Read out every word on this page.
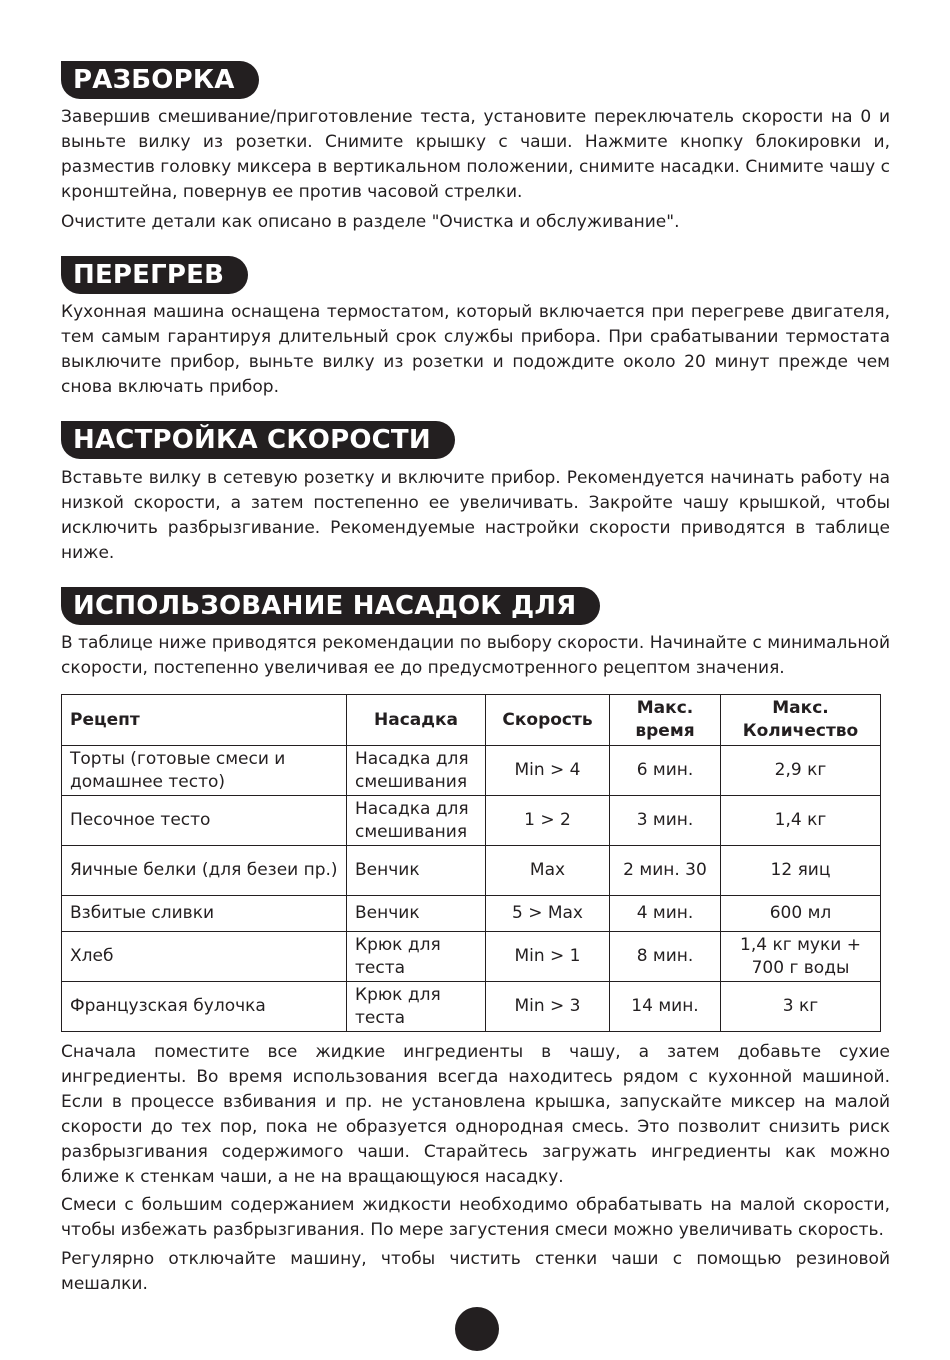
РАЗБОРКА

Завершив смешивание/приготовление теста, установите переключатель скорости на 0 и выньте вилку из розетки. Снимите крышку с чаши. Нажмите кнопку блокировки и, разместив головку миксера в вертикальном положении, снимите насадки. Снимите чашу с кронштейна, повернув ее против часовой стрелки.

Очистите детали как описано в разделе "Очистка и обслуживание".

ПЕРЕГРЕВ

Кухонная машина оснащена термостатом, который включается при перегреве двигателя, тем самым гарантируя длительный срок службы прибора. При срабатывании термостата выключите прибор, выньте вилку из розетки и подождите около 20 минут прежде чем снова включать прибор.

НАСТРОЙКА СКОРОСТИ

Вставьте вилку в сетевую розетку и включите прибор. Рекомендуется начинать работу на низкой скорости, а затем постепенно ее увеличивать. Закройте чашу крышкой, чтобы исключить разбрызгивание. Рекомендуемые настройки скорости приводятся в таблице ниже.

ИСПОЛЬЗОВАНИЕ НАСАДОК ДЛЯ

В таблице ниже приводятся рекомендации по выбору скорости. Начинайте с минимальной скорости, постепенно увеличивая ее до предусмотренного рецептом значения.

Рецепт	Насадка	Скорость	Макс. время	Макс. Количество
Торты (готовые смеси и домашнее тесто)	Насадка для смешивания	Min > 4	6 мин.	2,9 кг
Песочное тесто	Насадка для смешивания	1 > 2	3 мин.	1,4 кг
Яичные белки (для безеи пр.)	Венчик	Max	2 мин. 30	12 яиц
Взбитые сливки	Венчик	5 > Max	4 мин.	600 мл
Хлеб	Крюк для теста	Min > 1	8 мин.	1,4 кг муки + 700 г воды
Французская булочка	Крюк для теста	Min > 3	14 мин.	3 кг

Сначала поместите все жидкие ингредиенты в чашу, а затем добавьте сухие ингредиенты. Во время использования всегда находитесь рядом с кухонной машиной. Если в процессе взбивания и пр. не установлена крышка, запускайте миксер на малой скорости до тех пор, пока не образуется однородная смесь. Это позволит снизить риск разбрызгивания содержимого чаши. Старайтесь загружать ингредиенты как можно ближе к стенкам чаши, а не на вращающуюся насадку.

Смеси с большим содержанием жидкости необходимо обрабатывать на малой скорости, чтобы избежать разбрызгивания. По мере загустения смеси можно увеличивать скорость.

Регулярно отключайте машину, чтобы чистить стенки чаши с помощью резиновой мешалки.
